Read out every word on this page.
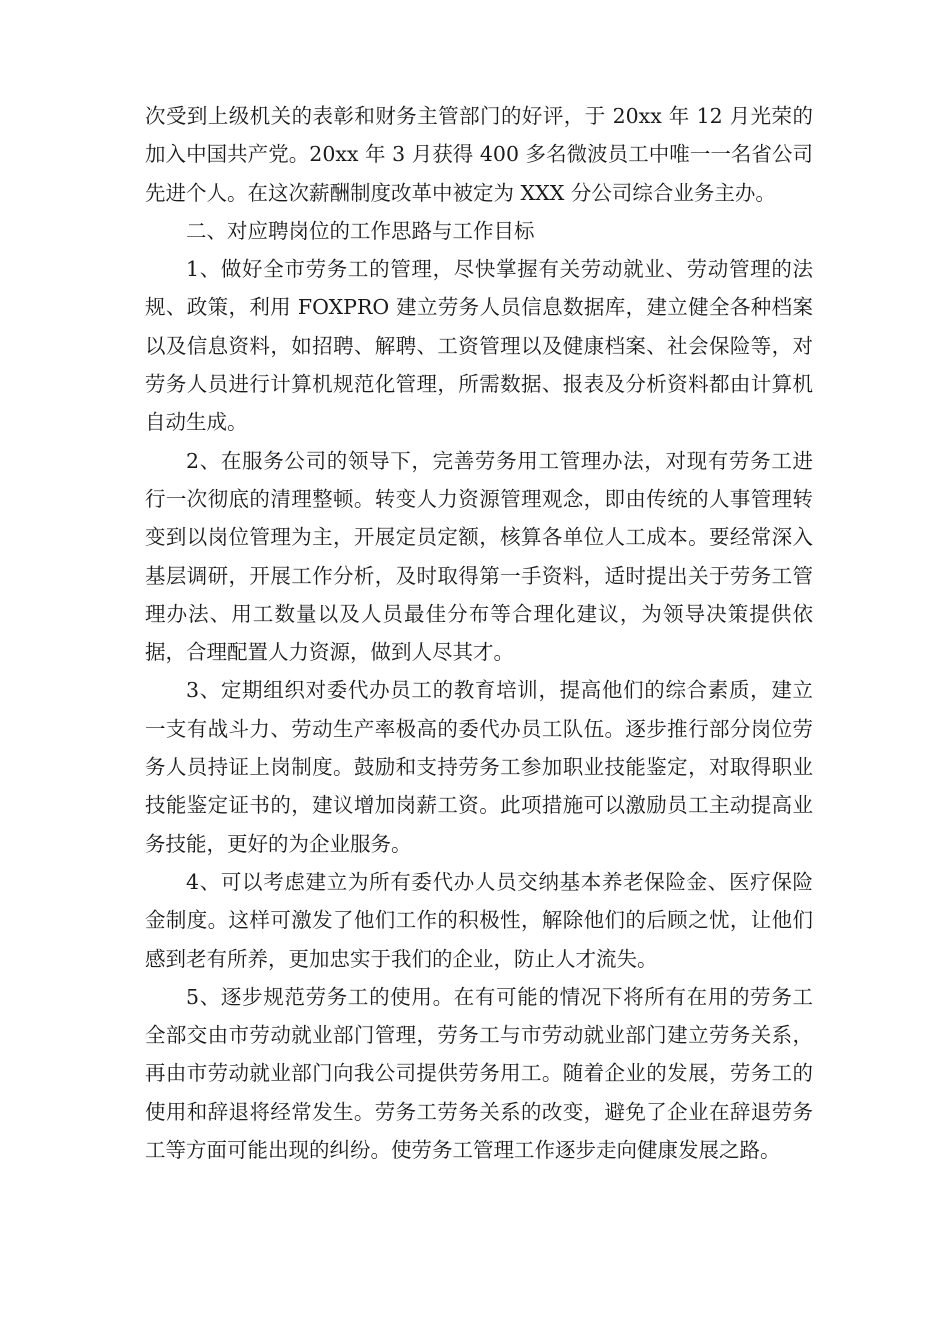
次受到上级机关的表彰和财务主管部门的好评，于 20xx 年 12 月光荣的加入中国共产党。20xx 年 3 月获得 400 多名微波员工中唯一一名省公司先进个人。在这次薪酬制度改革中被定为 XXX 分公司综合业务主办。

二、对应聘岗位的工作思路与工作目标

1、做好全市劳务工的管理，尽快掌握有关劳动就业、劳动管理的法规、政策，利用 FOXPRO 建立劳务人员信息数据库，建立健全各种档案以及信息资料，如招聘、解聘、工资管理以及健康档案、社会保险等，对劳务人员进行计算机规范化管理，所需数据、报表及分析资料都由计算机自动生成。

2、在服务公司的领导下，完善劳务用工管理办法，对现有劳务工进行一次彻底的清理整顿。转变人力资源管理观念，即由传统的人事管理转变到以岗位管理为主，开展定员定额，核算各单位人工成本。要经常深入基层调研，开展工作分析，及时取得第一手资料，适时提出关于劳务工管理办法、用工数量以及人员最佳分布等合理化建议，为领导决策提供依据，合理配置人力资源，做到人尽其才。

3、定期组织对委代办员工的教育培训，提高他们的综合素质，建立一支有战斗力、劳动生产率极高的委代办员工队伍。逐步推行部分岗位劳务人员持证上岗制度。鼓励和支持劳务工参加职业技能鉴定，对取得职业技能鉴定证书的，建议增加岗薪工资。此项措施可以激励员工主动提高业务技能，更好的为企业服务。

4、可以考虑建立为所有委代办人员交纳基本养老保险金、医疗保险金制度。这样可激发了他们工作的积极性，解除他们的后顾之忧，让他们感到老有所养，更加忠实于我们的企业，防止人才流失。

5、逐步规范劳务工的使用。在有可能的情况下将所有在用的劳务工全部交由市劳动就业部门管理，劳务工与市劳动就业部门建立劳务关系，再由市劳动就业部门向我公司提供劳务用工。随着企业的发展，劳务工的使用和辞退将经常发生。劳务工劳务关系的改变，避免了企业在辞退劳务工等方面可能出现的纠纷。使劳务工管理工作逐步走向健康发展之路。
